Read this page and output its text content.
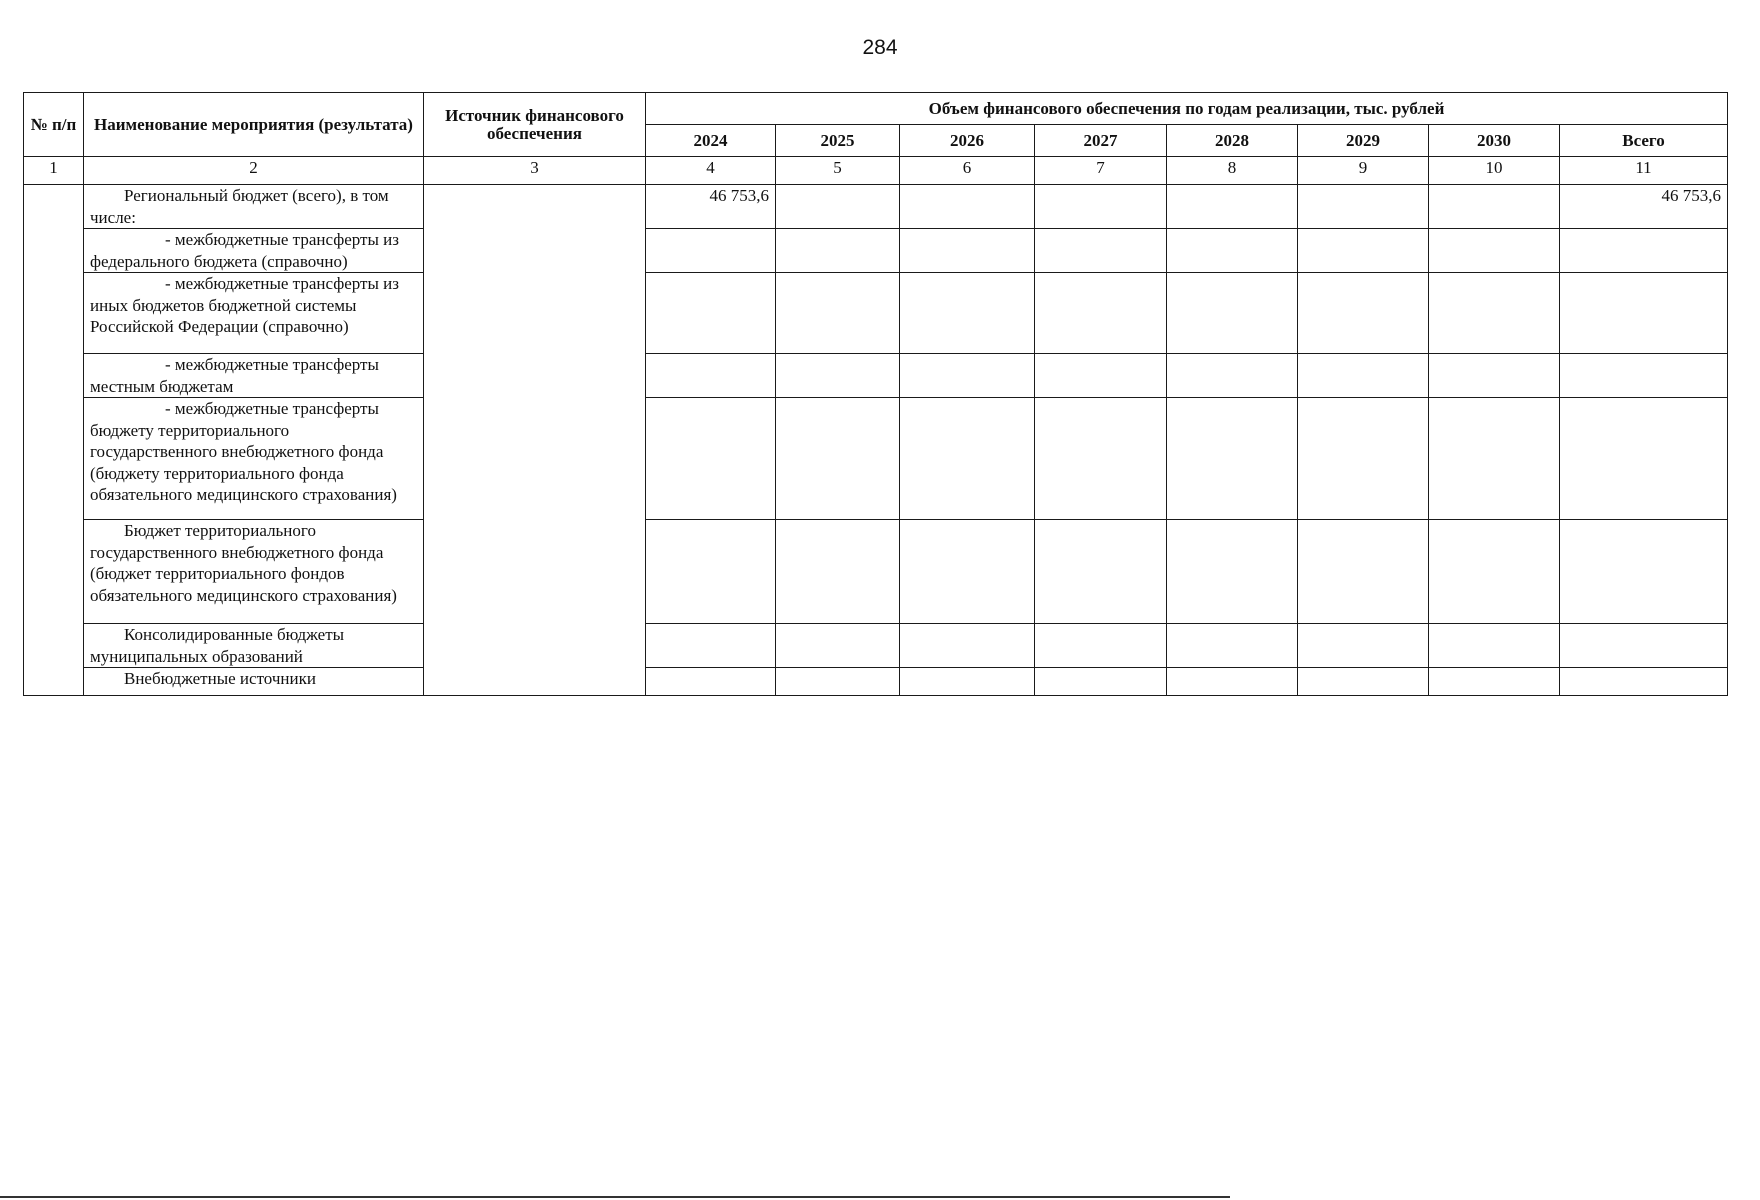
284
№ п/п	Наименование мероприятия (результата)	Источник финансового обеспечения	Объем финансового обеспечения по годам реализации, тыс. рублей							
			2024	2025	2026	2027	2028	2029	2030	Всего
1	2	3	4	5	6	7	8	9	10	11
	Региональный бюджет (всего), в том числе:		46 753,6							46 753,6
	- межбюджетные трансферты из федерального бюджета (справочно)									
	- межбюджетные трансферты из иных бюджетов бюджетной системы Российской Федерации (справочно)									
	- межбюджетные трансферты местным бюджетам									
	- межбюджетные трансферты бюджету территориального государственного внебюджетного фонда (бюджету территориального фонда обязательного медицинского страхования)									
	Бюджет территориального государственного внебюджетного фонда (бюджет территориального фондов обязательного медицинского страхования)									
	Консолидированные бюджеты муниципальных образований									
	Внебюджетные источники									
